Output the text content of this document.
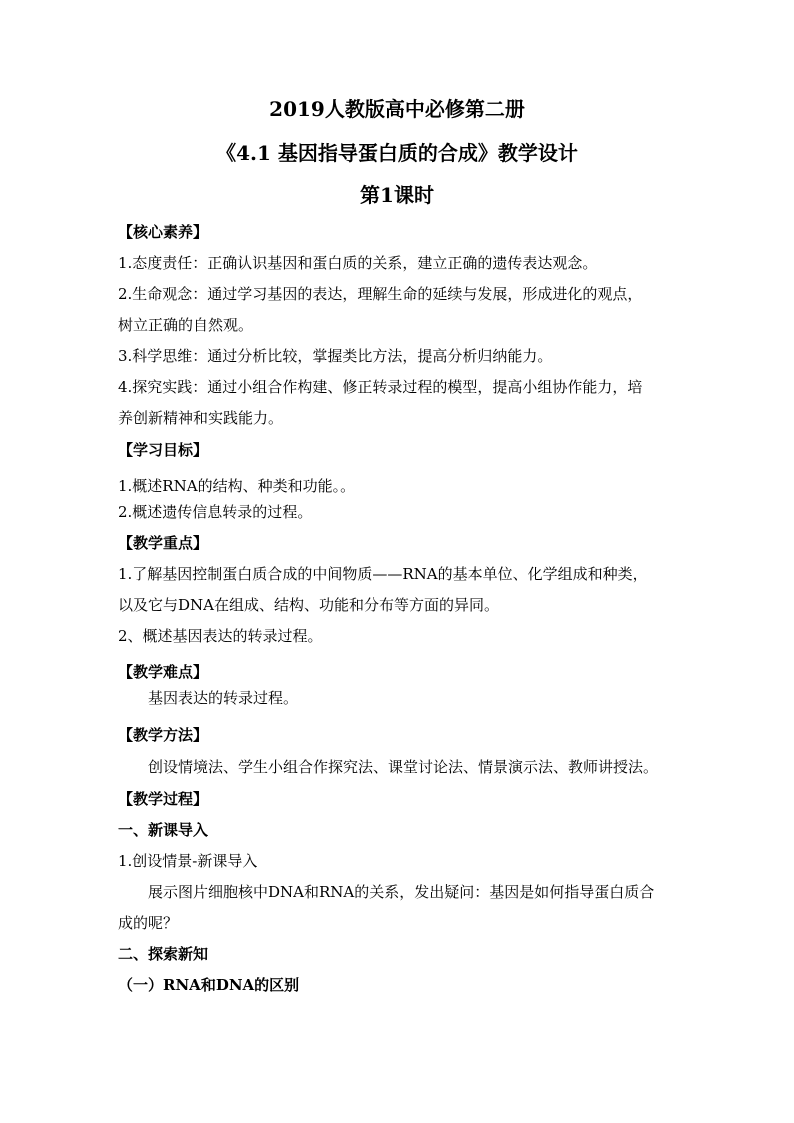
2019人教版高中必修第二册
《4.1 基因指导蛋白质的合成》教学设计
第1课时
【核心素养】
1.态度责任：正确认识基因和蛋白质的关系，建立正确的遗传表达观念。
2.生命观念：通过学习基因的表达，理解生命的延续与发展，形成进化的观点，
树立正确的自然观。
3.科学思维：通过分析比较，掌握类比方法，提高分析归纳能力。
4.探究实践：通过小组合作构建、修正转录过程的模型，提高小组协作能力，培
养创新精神和实践能力。
【学习目标】
1.概述RNA的结构、种类和功能。。
2.概述遗传信息转录的过程。
【教学重点】
1.了解基因控制蛋白质合成的中间物质——RNA的基本单位、化学组成和种类，
以及它与DNA在组成、结构、功能和分布等方面的异同。
2、概述基因表达的转录过程。
【教学难点】
基因表达的转录过程。
【教学方法】
创设情境法、学生小组合作探究法、课堂讨论法、情景演示法、教师讲授法。
【教学过程】
一、新课导入
1.创设情景-新课导入
展示图片细胞核中DNA和RNA的关系，发出疑问：基因是如何指导蛋白质合
成的呢？
二、探索新知
（一）RNA和DNA的区别
